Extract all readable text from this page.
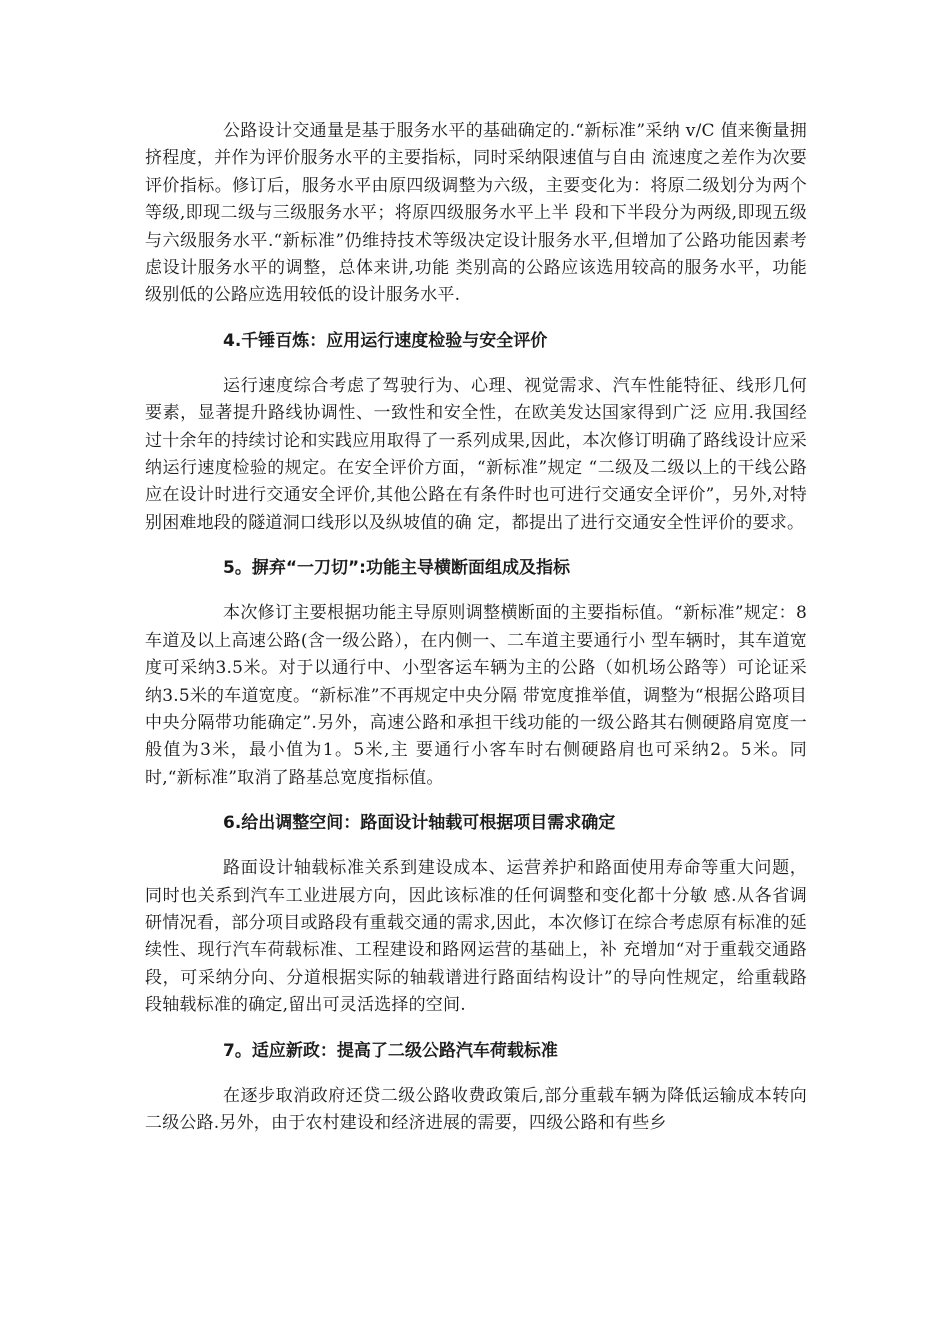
公路设计交通量是基于服务水平的基础确定的.“新标准”采纳 v/C 值来衡量拥挤程度，并作为评价服务水平的主要指标，同时采纳限速值与自由 流速度之差作为次要评价指标。修订后，服务水平由原四级调整为六级，主要变化为：将原二级划分为两个等级,即现二级与三级服务水平；将原四级服务水平上半 段和下半段分为两级,即现五级与六级服务水平.“新标准”仍维持技术等级决定设计服务水平,但增加了公路功能因素考虑设计服务水平的调整，总体来讲,功能 类别高的公路应该选用较高的服务水平，功能级别低的公路应选用较低的设计服务水平.

4.千锤百炼：应用运行速度检验与安全评价

运行速度综合考虑了驾驶行为、心理、视觉需求、汽车性能特征、线形几何要素，显著提升路线协调性、一致性和安全性，在欧美发达国家得到广泛 应用.我国经过十余年的持续讨论和实践应用取得了一系列成果,因此，本次修订明确了路线设计应采纳运行速度检验的规定。在安全评价方面，“新标准”规定 “二级及二级以上的干线公路应在设计时进行交通安全评价,其他公路在有条件时也可进行交通安全评价”，另外,对特别困难地段的隧道洞口线形以及纵坡值的确 定，都提出了进行交通安全性评价的要求。

5。摒弃“一刀切”:功能主导横断面组成及指标

本次修订主要根据功能主导原则调整横断面的主要指标值。“新标准”规定：8车道及以上高速公路(含一级公路），在内侧一、二车道主要通行小 型车辆时，其车道宽度可采纳3.5米。对于以通行中、小型客运车辆为主的公路（如机场公路等）可论证采纳3.5米的车道宽度。“新标准”不再规定中央分隔 带宽度推举值，调整为“根据公路项目中央分隔带功能确定”.另外，高速公路和承担干线功能的一级公路其右侧硬路肩宽度一般值为3米，最小值为1。5米,主 要通行小客车时右侧硬路肩也可采纳2。5米。同时,“新标准”取消了路基总宽度指标值。

6.给出调整空间：路面设计轴载可根据项目需求确定

路面设计轴载标准关系到建设成本、运营养护和路面使用寿命等重大问题，同时也关系到汽车工业进展方向，因此该标准的任何调整和变化都十分敏 感.从各省调研情况看，部分项目或路段有重载交通的需求,因此，本次修订在综合考虑原有标准的延续性、现行汽车荷载标准、工程建设和路网运营的基础上，补 充增加“对于重载交通路段，可采纳分向、分道根据实际的轴载谱进行路面结构设计”的导向性规定，给重载路段轴载标准的确定,留出可灵活选择的空间.

7。适应新政：提高了二级公路汽车荷载标准

在逐步取消政府还贷二级公路收费政策后,部分重载车辆为降低运输成本转向二级公路.另外，由于农村建设和经济进展的需要，四级公路和有些乡
